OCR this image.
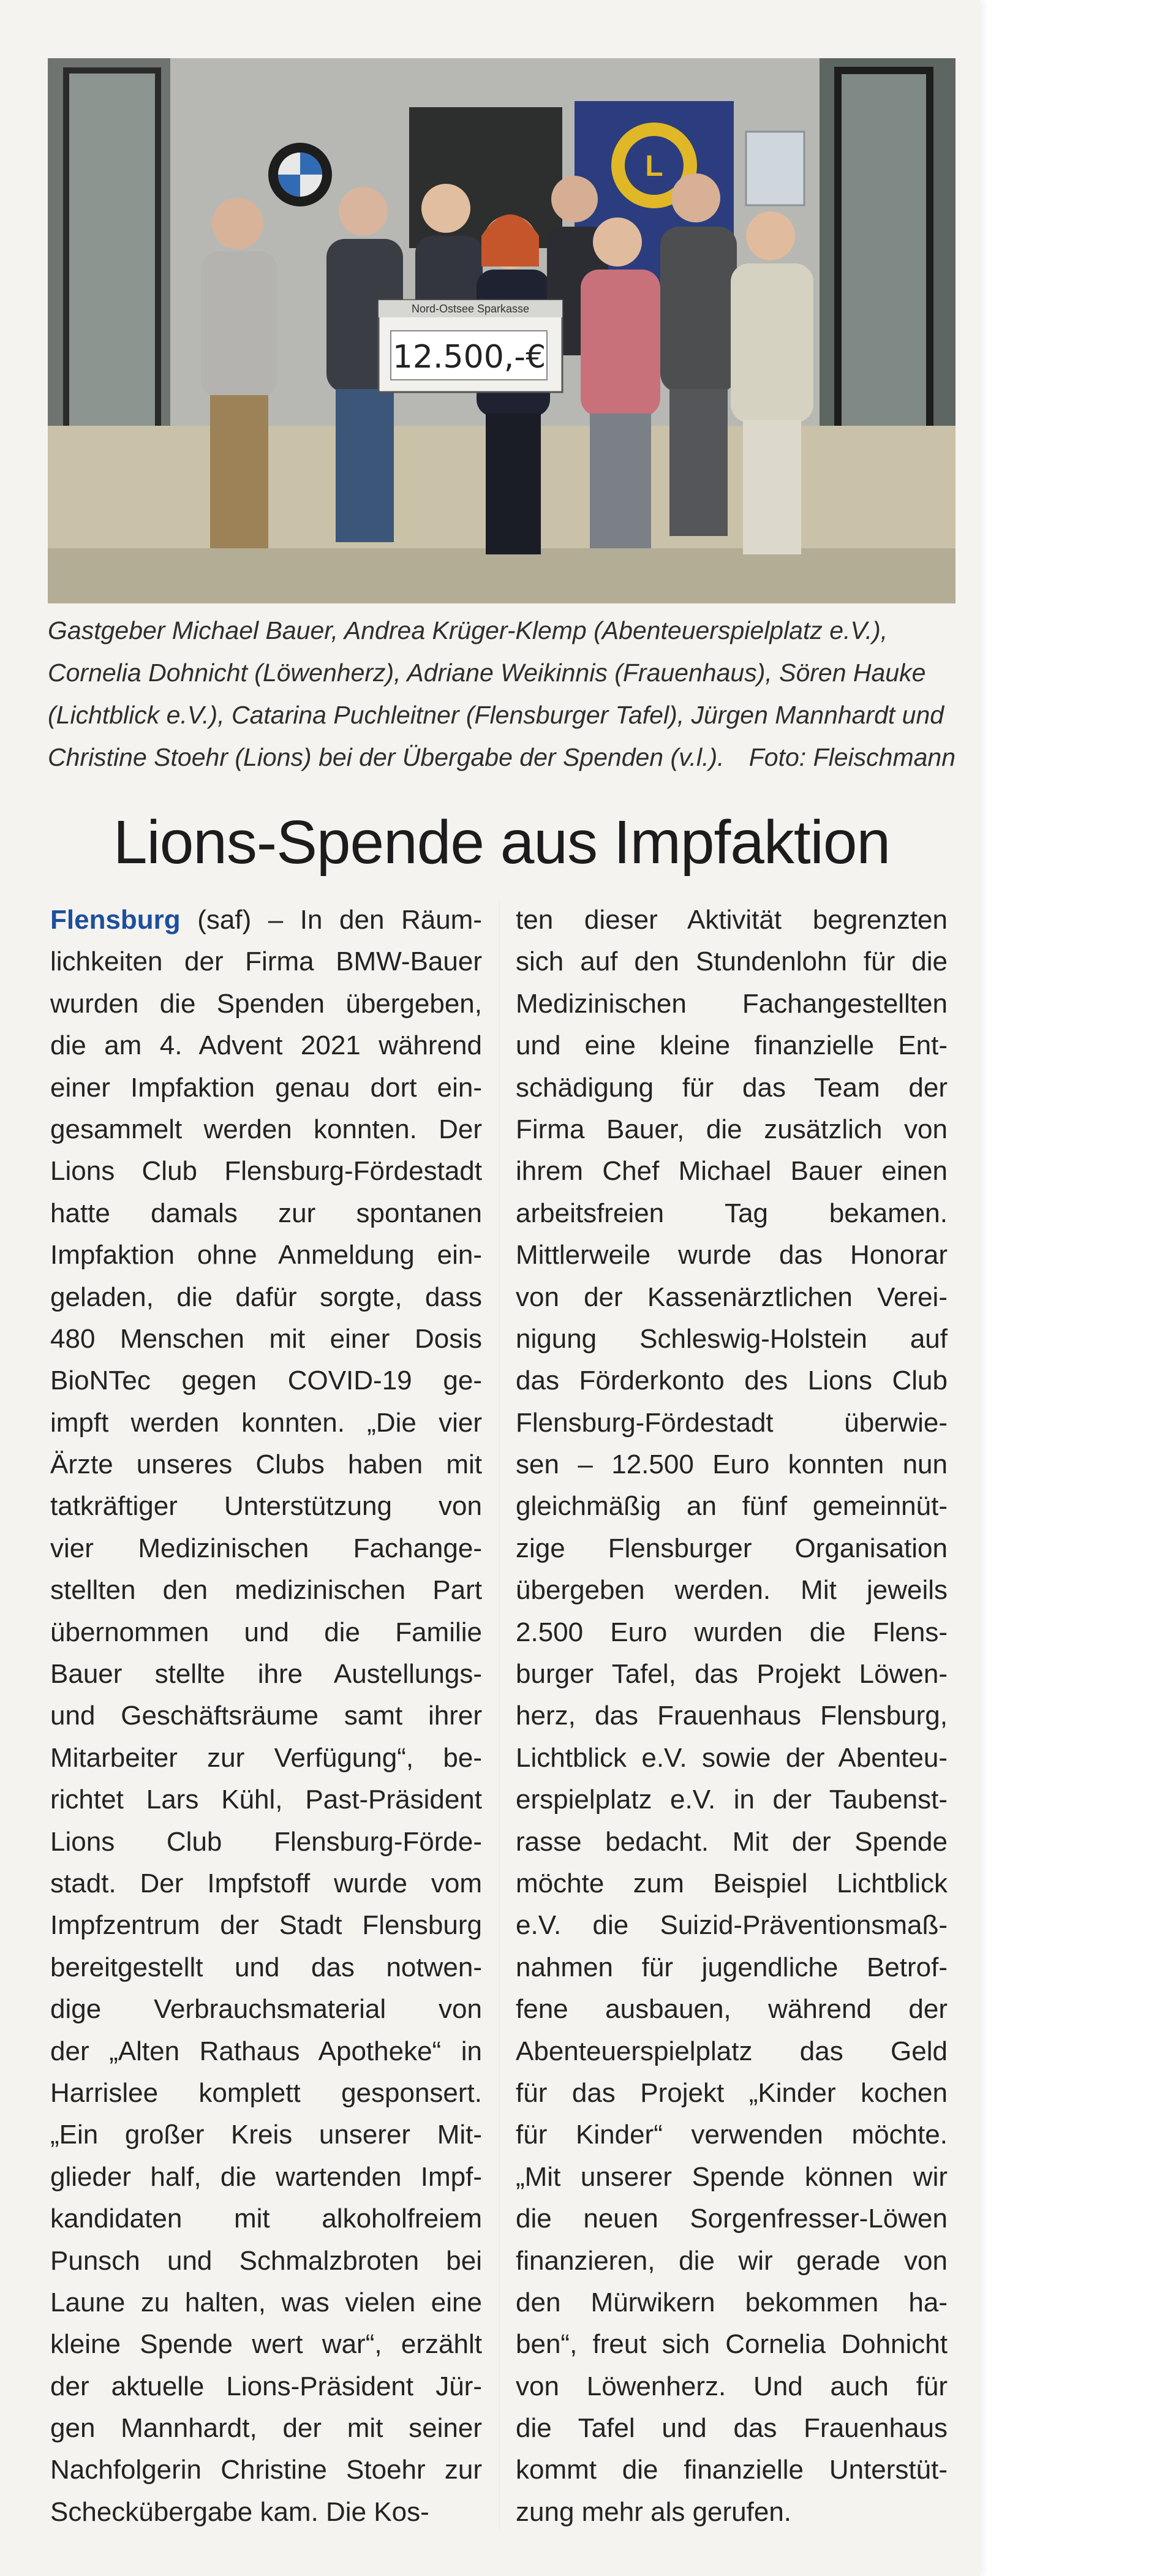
L
Nord-Ostsee Sparkasse
12.500,-€
Gastgeber Michael Bauer, Andrea Krüger-Klemp (Abenteuerspielplatz e.V.),
Cornelia Dohnicht (Löwenherz), Adriane Weikinnis (Frauenhaus), Sören Hauke
(Lichtblick e.V.), Catarina Puchleitner (Flensburger Tafel), Jürgen Mannhardt und
Christine Stoehr (Lions) bei der Übergabe der Spenden (v.l.). Foto: Fleischmann
Lions-Spende aus Impfaktion
Flensburg (saf) – In den Räum-
lichkeiten der Firma BMW-Bauer
wurden die Spenden übergeben,
die am 4. Advent 2021 während
einer Impfaktion genau dort ein-
gesammelt werden konnten. Der
Lions Club Flensburg-Fördestadt
hatte damals zur spontanen
Impfaktion ohne Anmeldung ein-
geladen, die dafür sorgte, dass
480 Menschen mit einer Dosis
BioNTec gegen COVID-19 ge-
impft werden konnten. „Die vier
Ärzte unseres Clubs haben mit
tatkräftiger Unterstützung von
vier Medizinischen Fachange-
stellten den medizinischen Part
übernommen und die Familie
Bauer stellte ihre Austellungs-
und Geschäftsräume samt ihrer
Mitarbeiter zur Verfügung“, be-
richtet Lars Kühl, Past-Präsident
Lions Club Flensburg-Förde-
stadt. Der Impfstoff wurde vom
Impfzentrum der Stadt Flensburg
bereitgestellt und das notwen-
dige Verbrauchsmaterial von
der „Alten Rathaus Apotheke“ in
Harrislee komplett gesponsert.
„Ein großer Kreis unserer Mit-
glieder half, die wartenden Impf-
kandidaten mit alkoholfreiem
Punsch und Schmalzbroten bei
Laune zu halten, was vielen eine
kleine Spende wert war“, erzählt
der aktuelle Lions-Präsident Jür-
gen Mannhardt, der mit seiner
Nachfolgerin Christine Stoehr zur
Scheckübergabe kam. Die Kos-
ten dieser Aktivität begrenzten
sich auf den Stundenlohn für die
Medizinischen Fachangestellten
und eine kleine finanzielle Ent-
schädigung für das Team der
Firma Bauer, die zusätzlich von
ihrem Chef Michael Bauer einen
arbeitsfreien Tag bekamen.
Mittlerweile wurde das Honorar
von der Kassenärztlichen Verei-
nigung Schleswig-Holstein auf
das Förderkonto des Lions Club
Flensburg-Fördestadt überwie-
sen – 12.500 Euro konnten nun
gleichmäßig an fünf gemeinnüt-
zige Flensburger Organisation
übergeben werden. Mit jeweils
2.500 Euro wurden die Flens-
burger Tafel, das Projekt Löwen-
herz, das Frauenhaus Flensburg,
Lichtblick e.V. sowie der Abenteu-
erspielplatz e.V. in der Taubenst-
rasse bedacht. Mit der Spende
möchte zum Beispiel Lichtblick
e.V. die Suizid-Präventionsmaß-
nahmen für jugendliche Betrof-
fene ausbauen, während der
Abenteuerspielplatz das Geld
für das Projekt „Kinder kochen
für Kinder“ verwenden möchte.
„Mit unserer Spende können wir
die neuen Sorgenfresser-Löwen
finanzieren, die wir gerade von
den Mürwikern bekommen ha-
ben“, freut sich Cornelia Dohnicht
von Löwenherz. Und auch für
die Tafel und das Frauenhaus
kommt die finanzielle Unterstüt-
zung mehr als gerufen.
